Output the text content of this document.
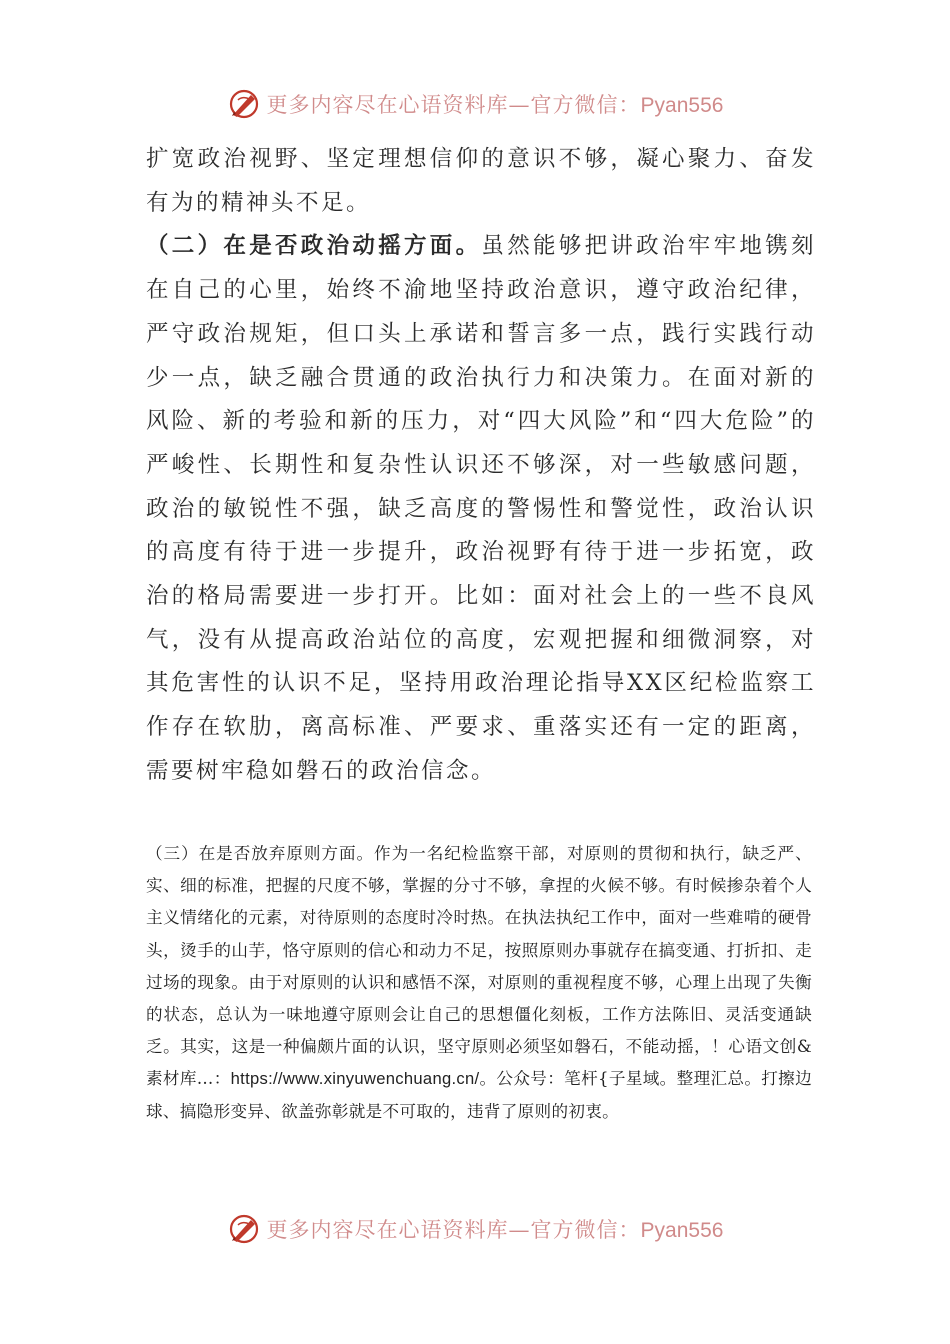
更多内容尽在心语资料库—官方微信：Pyan556

扩宽政治视野、坚定理想信仰的意识不够，凝心聚力、奋发有为的精神头不足。

（二）在是否政治动摇方面。虽然能够把讲政治牢牢地镌刻在自己的心里，始终不渝地坚持政治意识，遵守政治纪律，严守政治规矩，但口头上承诺和誓言多一点，践行实践行动少一点，缺乏融合贯通的政治执行力和决策力。在面对新的风险、新的考验和新的压力，对“四大风险”和“四大危险”的严峻性、长期性和复杂性认识还不够深，对一些敏感问题，政治的敏锐性不强，缺乏高度的警惕性和警觉性，政治认识的高度有待于进一步提升，政治视野有待于进一步拓宽，政治的格局需要进一步打开。比如：面对社会上的一些不良风气，没有从提高政治站位的高度，宏观把握和细微洞察，对其危害性的认识不足，坚持用政治理论指导XX区纪检监察工作存在软肋，离高标准、严要求、重落实还有一定的距离，需要树牢稳如磐石的政治信念。

（三）在是否放弃原则方面。作为一名纪检监察干部，对原则的贯彻和执行，缺乏严、实、细的标准，把握的尺度不够，掌握的分寸不够，拿捏的火候不够。有时候掺杂着个人主义情绪化的元素，对待原则的态度时冷时热。在执法执纪工作中，面对一些难啃的硬骨头，烫手的山芋，恪守原则的信心和动力不足，按照原则办事就存在搞变通、打折扣、走过场的现象。由于对原则的认识和感悟不深，对原则的重视程度不够，心理上出现了失衡的状态，总认为一味地遵守原则会让自己的思想僵化刻板，工作方法陈旧、灵活变通缺乏。其实，这是一种偏颇片面的认识，坚守原则必须坚如磐石，不能动摇，！心语文创&素材库…：https://www.xinyuwenchuang.cn/。公众号：笔杆{子星域。整理汇总。打擦边球、搞隐形变异、欲盖弥彰就是不可取的，违背了原则的初衷。

更多内容尽在心语资料库—官方微信：Pyan556
